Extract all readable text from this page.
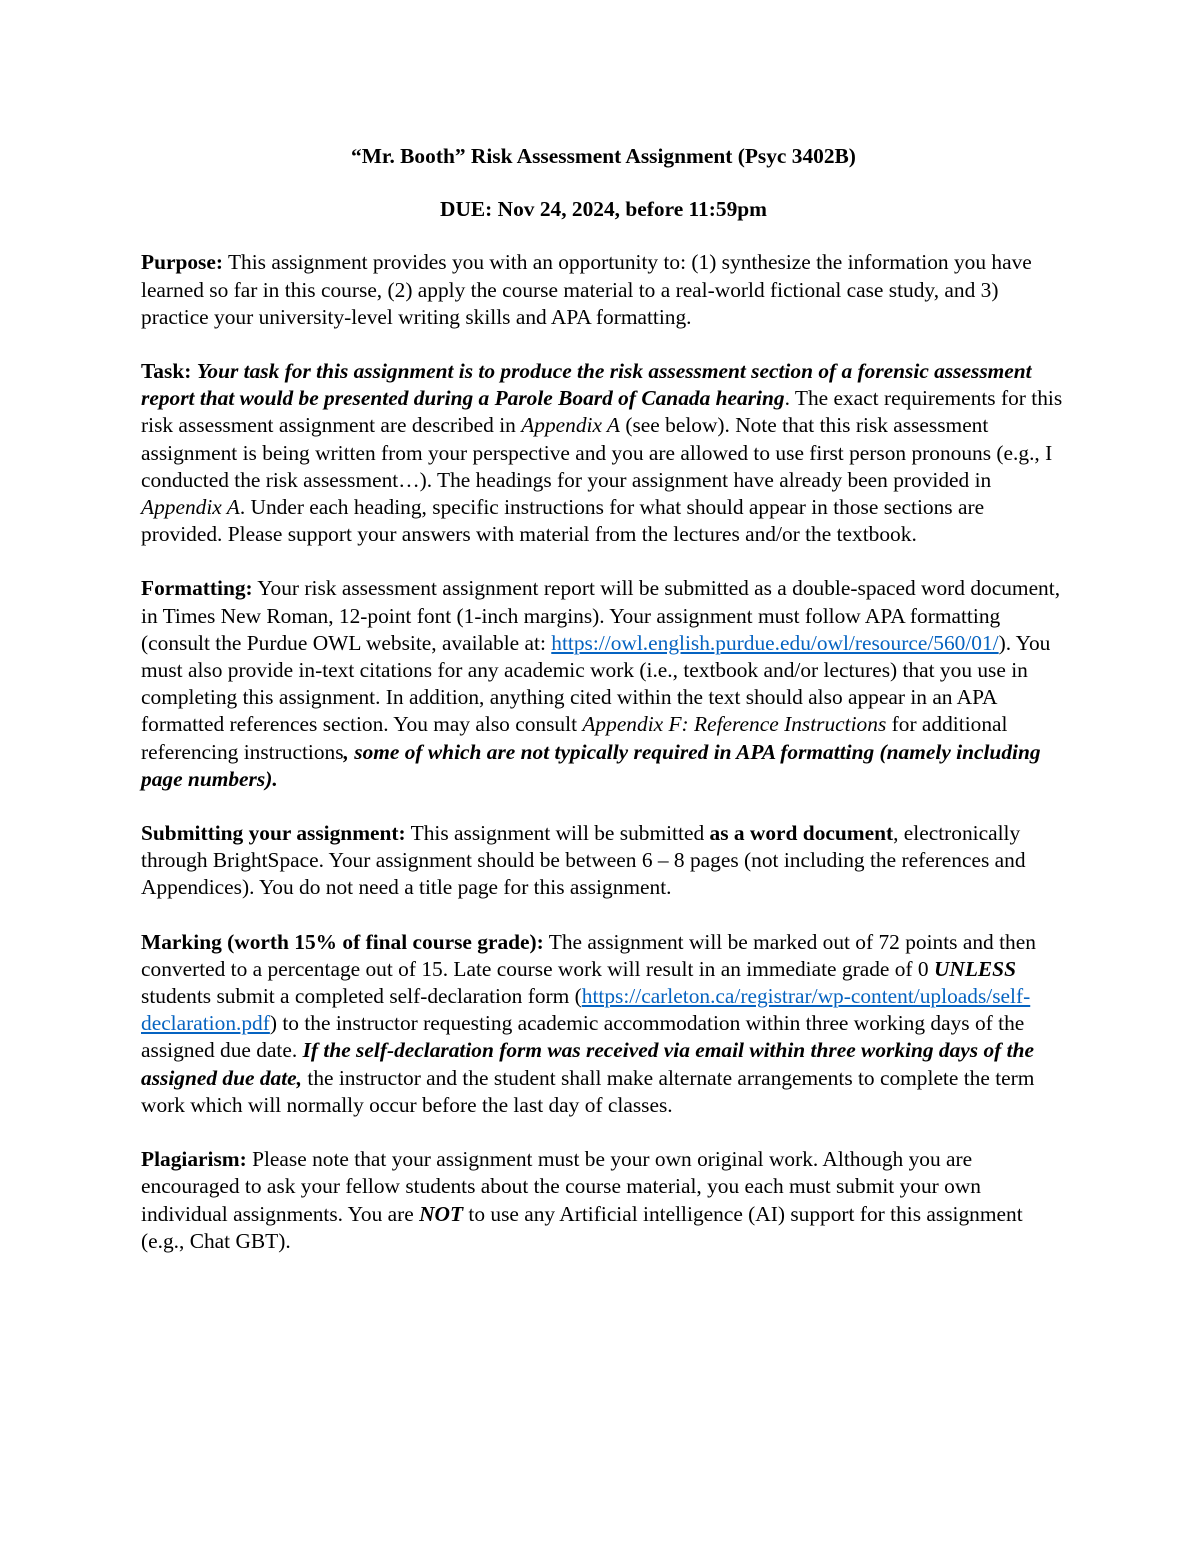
“Mr. Booth” Risk Assessment Assignment (Psyc 3402B)

DUE: Nov 24, 2024, before 11:59pm

Purpose: This assignment provides you with an opportunity to: (1) synthesize the information you have learned so far in this course, (2) apply the course material to a real-world fictional case study, and 3) practice your university-level writing skills and APA formatting.

Task: Your task for this assignment is to produce the risk assessment section of a forensic assessment report that would be presented during a Parole Board of Canada hearing. The exact requirements for this risk assessment assignment are described in Appendix A (see below). Note that this risk assessment assignment is being written from your perspective and you are allowed to use first person pronouns (e.g., I conducted the risk assessment…). The headings for your assignment have already been provided in Appendix A. Under each heading, specific instructions for what should appear in those sections are provided. Please support your answers with material from the lectures and/or the textbook.

Formatting: Your risk assessment assignment report will be submitted as a double-spaced word document, in Times New Roman, 12-point font (1-inch margins). Your assignment must follow APA formatting (consult the Purdue OWL website, available at: https://owl.english.purdue.edu/owl/resource/560/01/). You must also provide in-text citations for any academic work (i.e., textbook and/or lectures) that you use in completing this assignment. In addition, anything cited within the text should also appear in an APA formatted references section. You may also consult Appendix F: Reference Instructions for additional referencing instructions, some of which are not typically required in APA formatting (namely including page numbers).

Submitting your assignment: This assignment will be submitted as a word document, electronically through BrightSpace. Your assignment should be between 6 – 8 pages (not including the references and Appendices). You do not need a title page for this assignment.

Marking (worth 15% of final course grade): The assignment will be marked out of 72 points and then converted to a percentage out of 15. Late course work will result in an immediate grade of 0 UNLESS students submit a completed self-declaration form (https://carleton.ca/registrar/wp-content/uploads/self-declaration.pdf) to the instructor requesting academic accommodation within three working days of the assigned due date. If the self-declaration form was received via email within three working days of the assigned due date, the instructor and the student shall make alternate arrangements to complete the term work which will normally occur before the last day of classes.

Plagiarism: Please note that your assignment must be your own original work. Although you are encouraged to ask your fellow students about the course material, you each must submit your own individual assignments. You are NOT to use any Artificial intelligence (AI) support for this assignment (e.g., Chat GBT).
